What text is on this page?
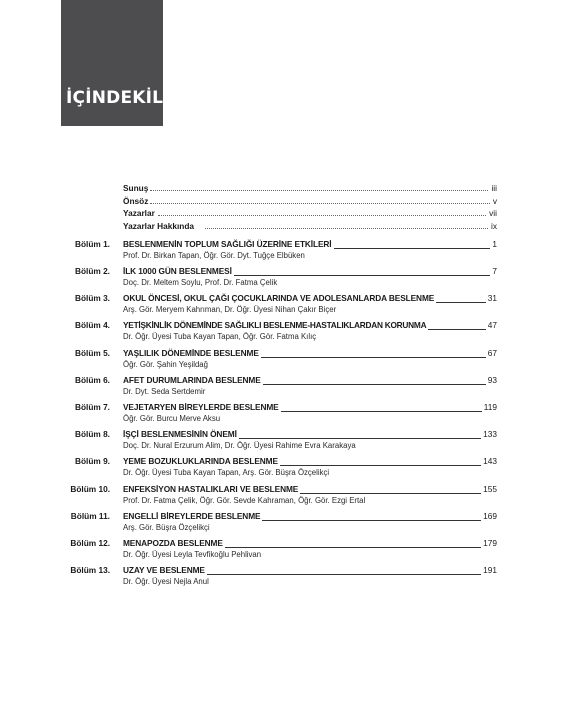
İÇİNDEKİLER
Sunuş	iii
Önsöz	v
Yazarlar	vii
Yazarlar Hakkında	ix
Bölüm 1. BESLENMENİN TOPLUM SAĞLIĞI ÜZERİNE ETKİLERİ	1
Prof. Dr. Birkan Tapan, Öğr. Gör. Dyt. Tuğçe Elbüken
Bölüm 2. İLK 1000 GÜN BESLENMESİ	7
Doç. Dr. Meltem Soylu, Prof. Dr. Fatma Çelik
Bölüm 3. OKUL ÖNCESİ, OKUL ÇAĞI ÇOCUKLARINDA VE ADOLESANLARDA BESLENME	31
Arş. Gör. Meryem Kahrıman, Dr. Öğr. Üyesi Nihan Çakır Biçer
Bölüm 4. YETİŞKİNLİK DÖNEMİNDE SAĞLIKLI BESLENME-HASTALIKLARDAN KORUNMA	47
Dr. Öğr. Üyesi Tuba Kayan Tapan, Öğr. Gör. Fatma Kılıç
Bölüm 5. YAŞLILIK DÖNEMİNDE BESLENME	67
Öğr. Gör. Şahin Yeşildağ
Bölüm 6. AFET DURUMLARINDA BESLENME	93
Dr. Dyt. Seda Sertdemir
Bölüm 7. VEJETARYEN BİREYLERDE BESLENME	119
Öğr. Gör. Burcu Merve Aksu
Bölüm 8. İŞÇİ BESLENMESİNİN ÖNEMİ	133
Doç. Dr. Nural Erzurum Alim, Dr. Öğr. Üyesi Rahime Evra Karakaya
Bölüm 9. YEME BOZUKLUKLARINDA BESLENME	143
Dr. Öğr. Üyesi Tuba Kayan Tapan, Arş. Gör. Büşra Özçelikçi
Bölüm 10. ENFEKSİYON HASTALIKLARI VE BESLENME	155
Prof. Dr. Fatma Çelik, Öğr. Gör. Sevde Kahraman, Öğr. Gör. Ezgi Ertal
Bölüm 11. ENGELLİ BİREYLERDE BESLENME	169
Arş. Gör. Büşra Özçelikçi
Bölüm 12. MENAPOZDA BESLENME	179
Dr. Öğr. Üyesi Leyla Tevfikoğlu Pehlivan
Bölüm 13. UZAY VE BESLENME	191
Dr. Öğr. Üyesi Nejla Anul
